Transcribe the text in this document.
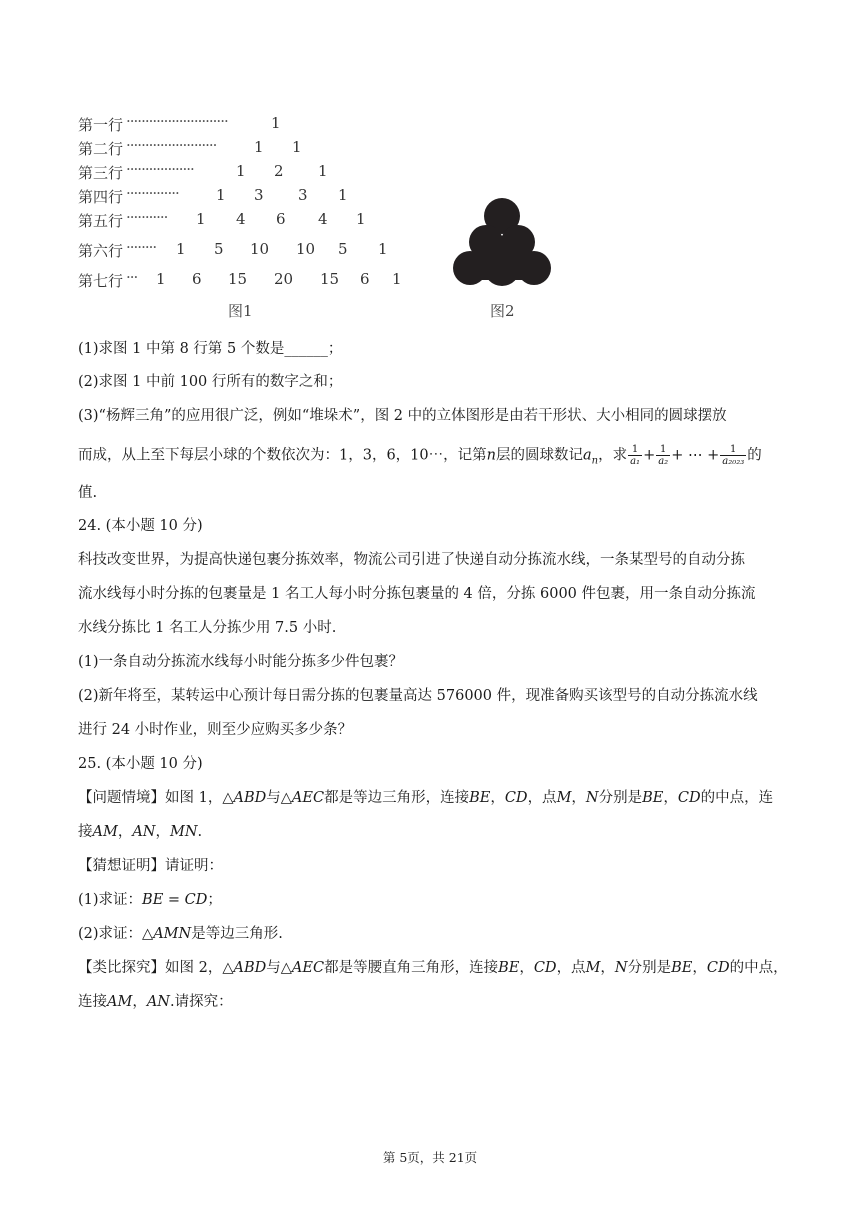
第一行 ···························	1
第二行 ························	1 1
第三行 ··················	1 2 1
第四行 ·············· 1 3 3 1
第五行 ··········· 1 4 6 4 1
第六行 ········ 1 5 10 10 5 1
第七行 ··· 1 6 15 20 15 6 1
图1	图2
(1)求图 1 中第 8 行第 5 个数是______；
(2)求图 1 中前 100 行所有的数字之和；
(3)“杨辉三角”的应用很广泛，例如“堆垛术”，图 2 中的立体图形是由若干形状、大小相同的圆球摆放
而成，从上至下每层小球的个数依次为：1，3，6，10⋯，记第n层的圆球数记$a_n$，求 $\frac{1}{\text{a₁}} + \frac{1}{\text{a₂}}$ + ⋯ + $\frac{1}{\text{a₂₀₂₃}}$ 的
值.
24. (本小题 10 分)
科技改变世界，为提高快递包裹分拣效率，物流公司引进了快递自动分拣流水线，一条某型号的自动分拣
流水线每小时分拣的包裹量是 1 名工人每小时分拣包裹量的 4 倍，分拣 6000 件包裹，用一条自动分拣流
水线分拣比 1 名工人分拣少用 7.5 小时.
(1)一条自动分拣流水线每小时能分拣多少件包裹？
(2)新年将至，某转运中心预计每日需分拣的包裹量高达 576000 件，现准备购买该型号的自动分拣流水线
进行 24 小时作业，则至少应购买多少条？
25. (本小题 10 分)
【问题情境】如图 1，△ABD与△AEC都是等边三角形，连接BE，CD，点M，N分别是BE，CD的中点，连
接AM，AN，MN.
【猜想证明】请证明：
(1)求证：BE = CD；
(2)求证：△AMN是等边三角形.
【类比探究】如图 2，△ABD与△AEC都是等腰直角三角形，连接BE，CD，点M，N分别是BE，CD的中点，
连接AM，AN.请探究：
第 5页，共 21页
